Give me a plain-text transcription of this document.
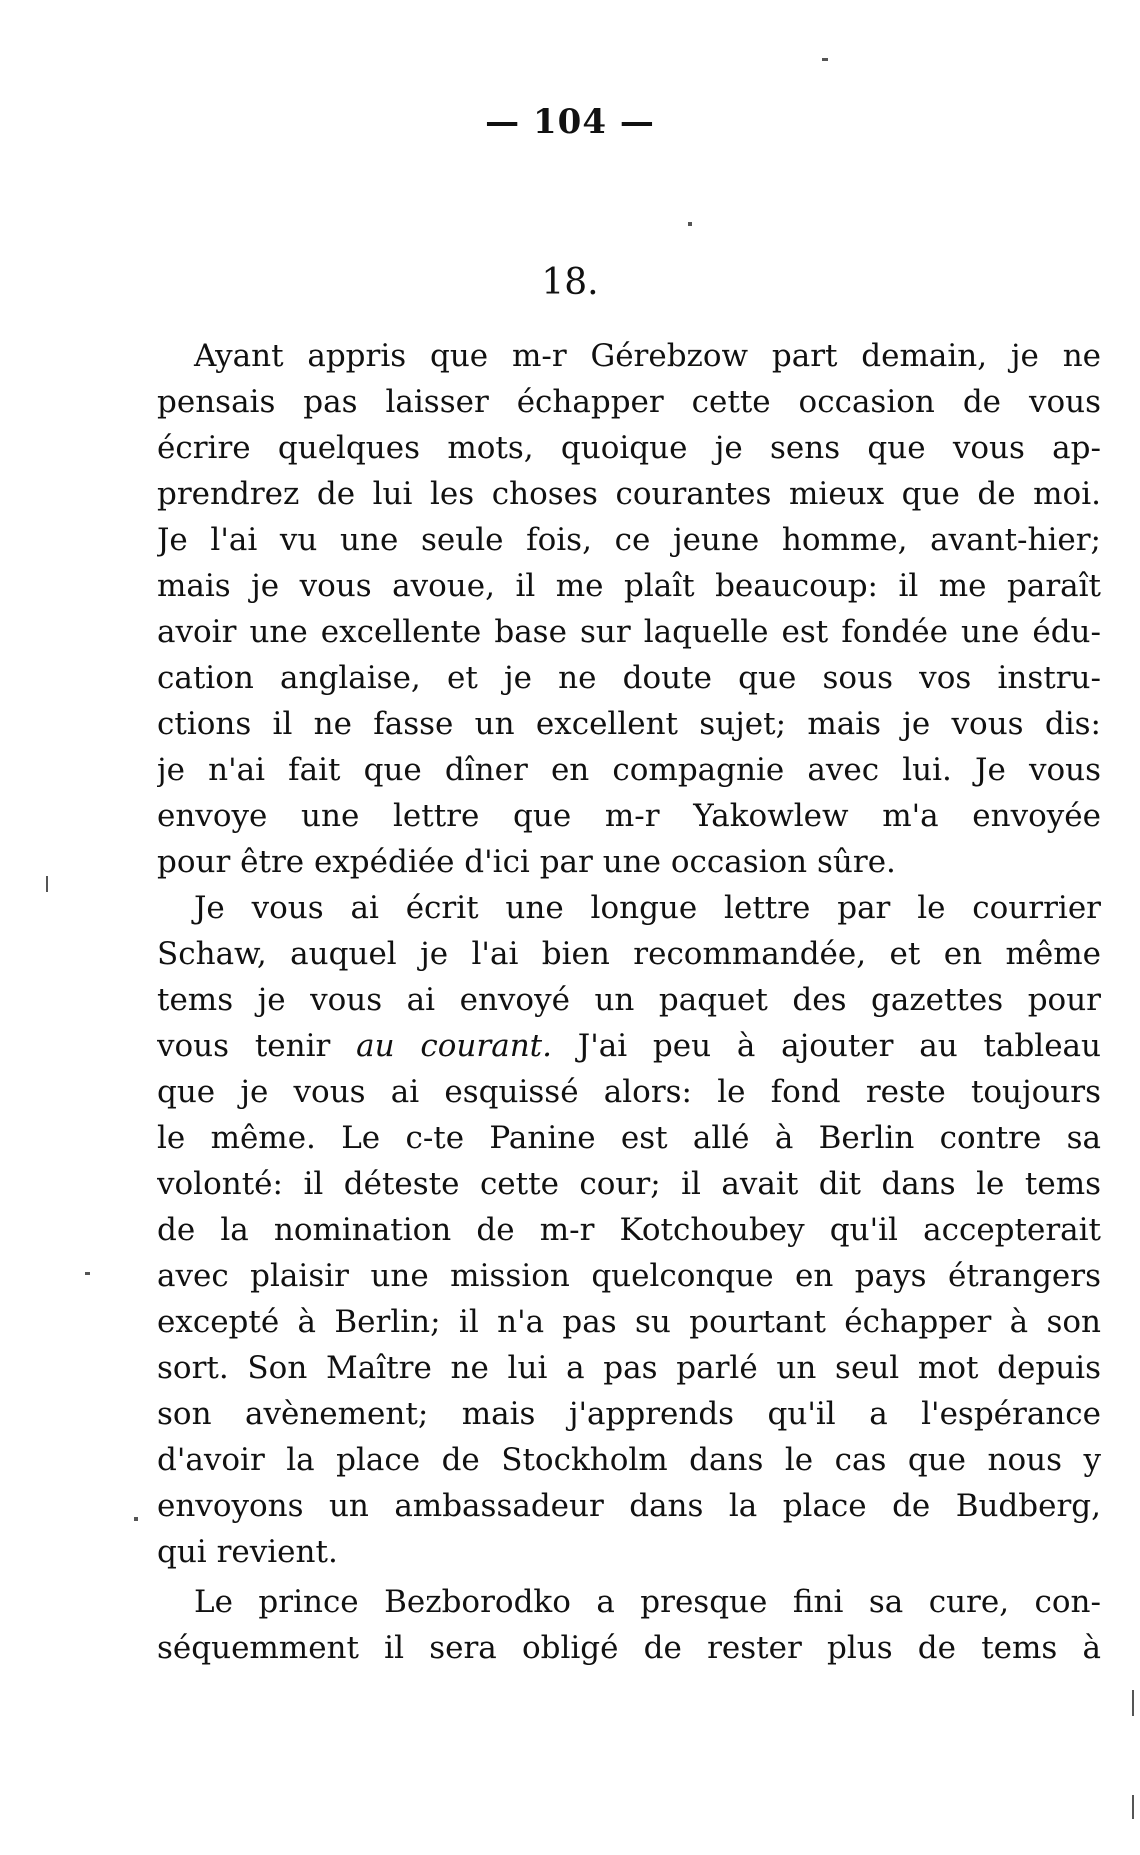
— 104 —
18.
Ayant appris que m-r Gérebzow part demain, je ne
pensais pas laisser échapper cette occasion de vous
écrire quelques mots, quoique je sens que vous ap-
prendrez de lui les choses courantes mieux que de moi.
Je l'ai vu une seule fois, ce jeune homme, avant-hier;
mais je vous avoue, il me plaît beaucoup: il me paraît
avoir une excellente base sur laquelle est fondée une édu-
cation anglaise, et je ne doute que sous vos instru-
ctions il ne fasse un excellent sujet; mais je vous dis:
je n'ai fait que dîner en compagnie avec lui. Je vous
envoye une lettre que m-r Yakowlew m'a envoyée
pour être expédiée d'ici par une occasion sûre.
Je vous ai écrit une longue lettre par le courrier
Schaw, auquel je l'ai bien recommandée, et en même
tems je vous ai envoyé un paquet des gazettes pour
vous tenir au courant. J'ai peu à ajouter au tableau
que je vous ai esquissé alors: le fond reste toujours
le même. Le c-te Panine est allé à Berlin contre sa
volonté: il déteste cette cour; il avait dit dans le tems
de la nomination de m-r Kotchoubey qu'il accepterait
avec plaisir une mission quelconque en pays étrangers
excepté à Berlin; il n'a pas su pourtant échapper à son
sort. Son Maître ne lui a pas parlé un seul mot depuis
son avènement; mais j'apprends qu'il a l'espérance
d'avoir la place de Stockholm dans le cas que nous y
envoyons un ambassadeur dans la place de Budberg,
qui revient.
Le prince Bezborodko a presque fini sa cure, con-
séquemment il sera obligé de rester plus de tems à
